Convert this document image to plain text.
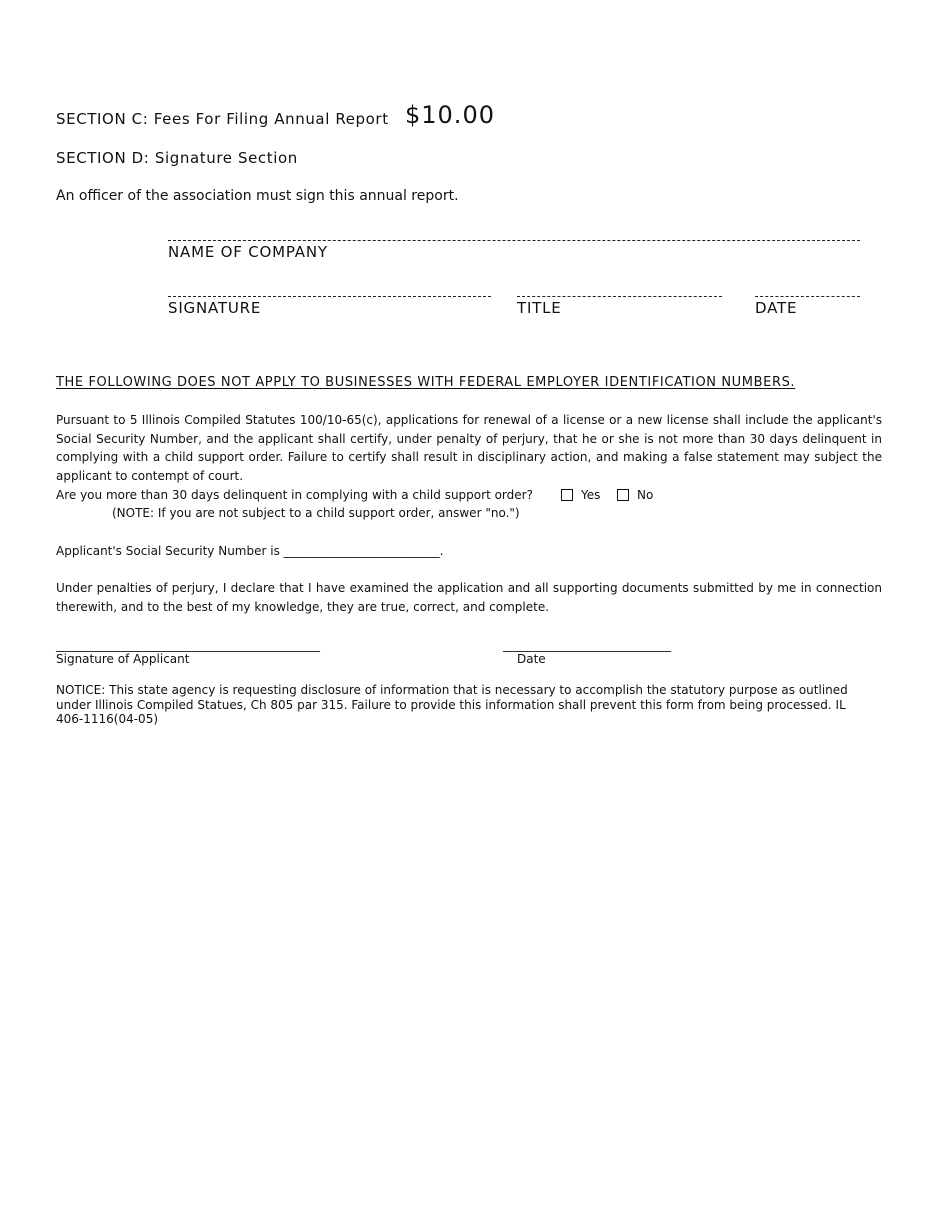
SECTION C: Fees For Filing Annual Report $10.00
SECTION D: Signature Section
An officer of the association must sign this annual report.
NAME OF COMPANY
SIGNATURE	TITLE	DATE
THE FOLLOWING DOES NOT APPLY TO BUSINESSES WITH FEDERAL EMPLOYER IDENTIFICATION NUMBERS.
Pursuant to 5 Illinois Compiled Statutes 100/10-65(c), applications for renewal of a license or a new license shall include the applicant's Social Security Number, and the applicant shall certify, under penalty of perjury, that he or she is not more than 30 days delinquent in complying with a child support order. Failure to certify shall result in disciplinary action, and making a false statement may subject the applicant to contempt of court.
Are you more than 30 days delinquent in complying with a child support order?
(NOTE: If you are not subject to a child support order, answer "no.")
Yes	No
Applicant's Social Security Number is __________________________.
Under penalties of perjury, I declare that I have examined the application and all supporting documents submitted by me in connection therewith, and to the best of my knowledge, they are true, correct, and complete.
____________________________________________
Signature of Applicant
____________________________
Date
NOTICE: This state agency is requesting disclosure of information that is necessary to accomplish the statutory purpose as outlined under Illinois Compiled Statues, Ch 805 par 315. Failure to provide this information shall prevent this form from being processed. IL 406-1116(04-05)
